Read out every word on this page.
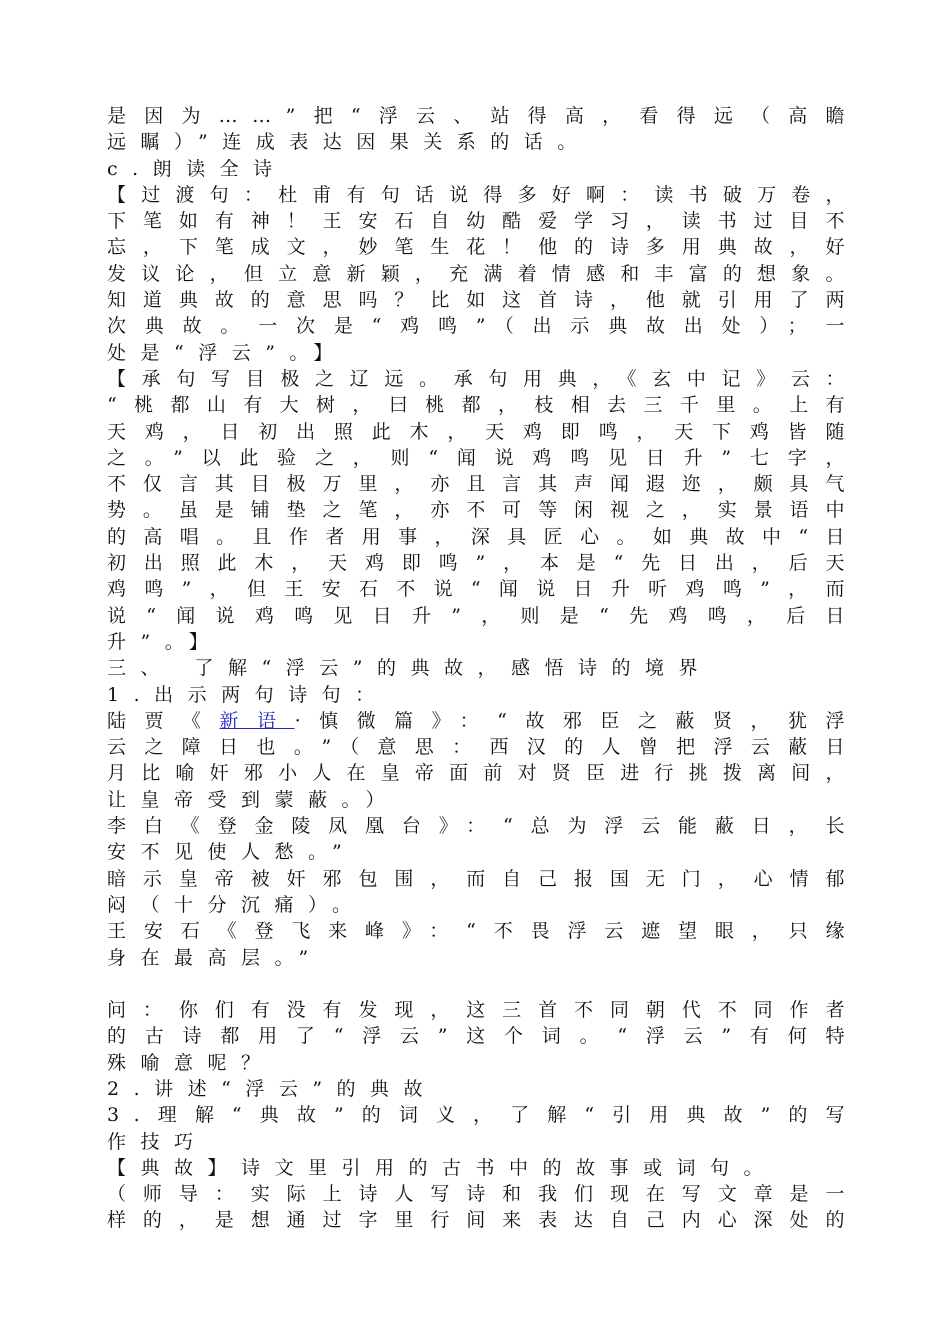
是因为……”把“浮云、站得高，看得远（高瞻
远瞩）”连成表达因果关系的话。
c.朗读全诗
【过渡句：杜甫有句话说得多好啊：读书破万卷，
下笔如有神！王安石自幼酷爱学习，读书过目不
忘，下笔成文，妙笔生花！他的诗多用典故，好
发议论，但立意新颖，充满着情感和丰富的想象。
知道典故的意思吗？比如这首诗，他就引用了两
次典故。一次是“鸡鸣”（出示典故出处）；一
处是“浮云”。】
【承句写目极之辽远。承句用典，《玄中记》云：
“桃都山有大树，曰桃都，枝相去三千里。上有
天鸡，日初出照此木，天鸡即鸣，天下鸡皆随
之。”以此验之，则“闻说鸡鸣见日升”七字，
不仅言其目极万里，亦且言其声闻遐迩，颇具气
势。虽是铺垫之笔，亦不可等闲视之，实景语中
的高唱。且作者用事，深具匠心。如典故中“日
初出照此木，天鸡即鸣”，本是“先日出，后天
鸡鸣”，但王安石不说“闻说日升听鸡鸣”，而
说“闻说鸡鸣见日升”，则是“先鸡鸣，后日
升”。】
三、 了解“浮云”的典故，感悟诗的境界
1.出示两句诗句：
陆贾《新语·慎微篇》：“故邪臣之蔽贤，犹浮
云之障日也。”（意思：西汉的人曾把浮云蔽日
月比喻奸邪小人在皇帝面前对贤臣进行挑拨离间，
让皇帝受到蒙蔽。）
李白《登金陵凤凰台》：“总为浮云能蔽日，长
安不见使人愁。”
暗示皇帝被奸邪包围，而自己报国无门，心情郁
闷（十分沉痛）。
王安石《登飞来峰》：“不畏浮云遮望眼，只缘
身在最高层。”
问：你们有没有发现，这三首不同朝代不同作者
的古诗都用了“浮云”这个词。“浮云”有何特
殊喻意呢？
2.讲述“浮云”的典故
3.理解“典故”的词义，了解“引用典故”的写
作技巧
【典故】诗文里引用的古书中的故事或词句。
（师导：实际上诗人写诗和我们现在写文章是一
样的，是想通过字里行间来表达自己内心深处的
